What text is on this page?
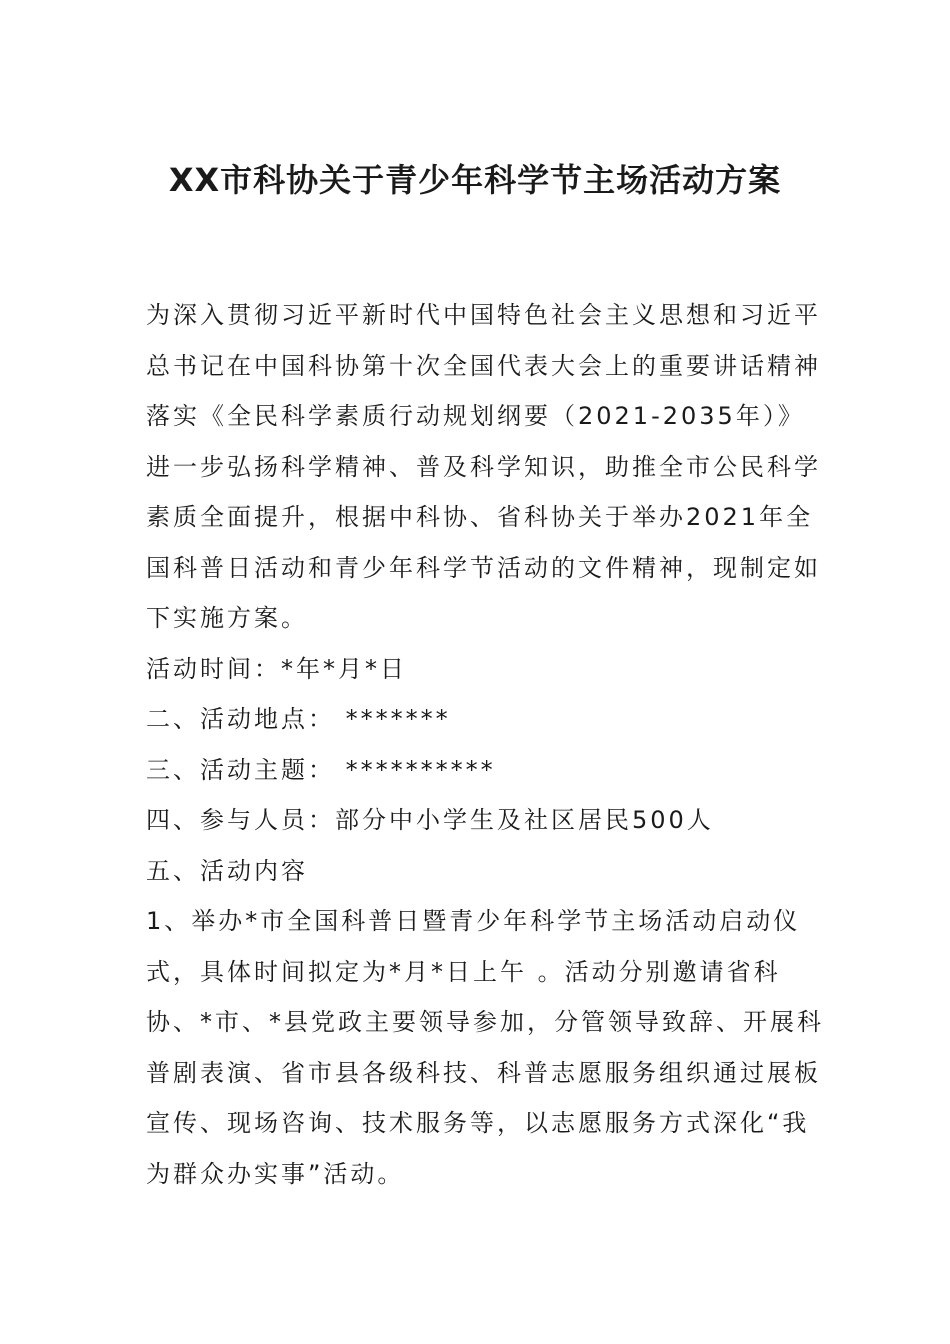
XX市科协关于青少年科学节主场活动方案

为深入贯彻习近平新时代中国特色社会主义思想和习近平总书记在中国科协第十次全国代表大会上的重要讲话精神落实《全民科学素质行动规划纲要（2021-2035年）》 进一步弘扬科学精神、普及科学知识，助推全市公民科学素质全面提升，根据中科协、省科协关于举办2021年全国科普日活动和青少年科学节活动的文件精神，现制定如下实施方案。

活动时间：*年*月*日

二、活动地点： *******

三、活动主题： **********

四、参与人员：部分中小学生及社区居民500人

五、活动内容

1、举办*市全国科普日暨青少年科学节主场活动启动仪式，具体时间拟定为*月*日上午 。活动分别邀请省科协、*市、*县党政主要领导参加，分管领导致辞、开展科普剧表演、省市县各级科技、科普志愿服务组织通过展板宣传、现场咨询、技术服务等，以志愿服务方式深化“我为群众办实事”活动。
